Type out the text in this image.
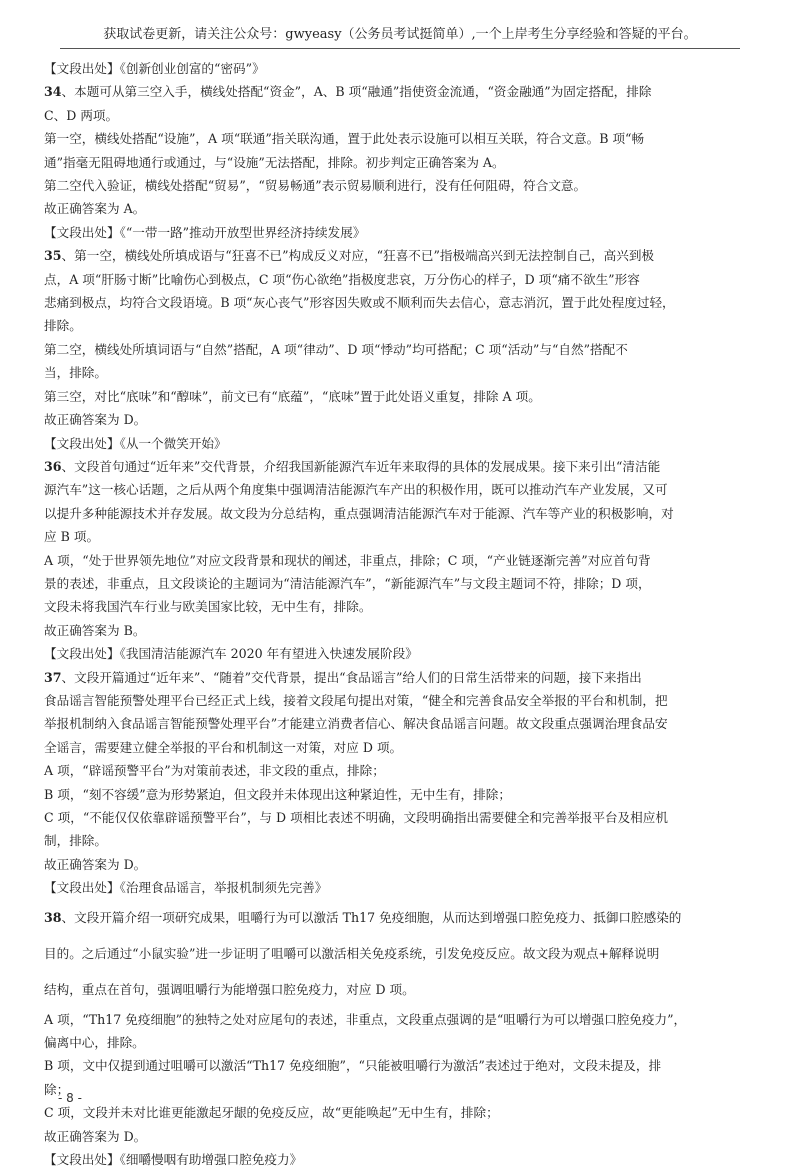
获取试卷更新，请关注公众号：gwyeasy（公务员考试挺简单）,一个上岸考生分享经验和答疑的平台。

【文段出处】《创新创业创富的“密码”》

34、本题可从第三空入手，横线处搭配“资金”，A、B 项“融通”指使资金流通，“资金融通”为固定搭配，排除

C、D 两项。

第一空，横线处搭配“设施”，A 项“联通”指关联沟通，置于此处表示设施可以相互关联，符合文意。B 项“畅

通”指毫无阻碍地通行或通过，与“设施”无法搭配，排除。初步判定正确答案为 A。

第二空代入验证，横线处搭配“贸易”，“贸易畅通”表示贸易顺利进行，没有任何阻碍，符合文意。

故正确答案为 A。

【文段出处】《“一带一路”推动开放型世界经济持续发展》

35、第一空，横线处所填成语与“狂喜不已”构成反义对应，“狂喜不已”指极端高兴到无法控制自己，高兴到极

点，A 项“肝肠寸断”比喻伤心到极点，C 项“伤心欲绝”指极度悲哀，万分伤心的样子，D 项“痛不欲生”形容

悲痛到极点，均符合文段语境。B 项“灰心丧气”形容因失败或不顺利而失去信心，意志消沉，置于此处程度过轻，

排除。

第二空，横线处所填词语与“自然”搭配，A 项“律动”、D 项“悸动”均可搭配；C 项“活动”与“自然”搭配不

当，排除。

第三空，对比“底味”和“醇味”，前文已有“底蕴”，“底味”置于此处语义重复，排除 A 项。

故正确答案为 D。

【文段出处】《从一个微笑开始》

36、文段首句通过“近年来”交代背景，介绍我国新能源汽车近年来取得的具体的发展成果。接下来引出“清洁能

源汽车”这一核心话题，之后从两个角度集中强调清洁能源汽车产出的积极作用，既可以推动汽车产业发展，又可

以提升多种能源技术并存发展。故文段为分总结构，重点强调清洁能源汽车对于能源、汽车等产业的积极影响，对

应 B 项。

A 项，“处于世界领先地位”对应文段背景和现状的阐述，非重点，排除；C 项，“产业链逐渐完善”对应首句背

景的表述，非重点，且文段谈论的主题词为“清洁能源汽车”，“新能源汽车”与文段主题词不符，排除；D 项，

文段未将我国汽车行业与欧美国家比较，无中生有，排除。

故正确答案为 B。

【文段出处】《我国清洁能源汽车 2020 年有望进入快速发展阶段》

37、文段开篇通过“近年来”、“随着”交代背景，提出“食品谣言”给人们的日常生活带来的问题，接下来指出

食品谣言智能预警处理平台已经正式上线，接着文段尾句提出对策，“健全和完善食品安全举报的平台和机制，把

举报机制纳入食品谣言智能预警处理平台”才能建立消费者信心、解决食品谣言问题。故文段重点强调治理食品安

全谣言，需要建立健全举报的平台和机制这一对策，对应 D 项。

A 项，“辟谣预警平台”为对策前表述，非文段的重点，排除；

B 项，“刻不容缓”意为形势紧迫，但文段并未体现出这种紧迫性，无中生有，排除；

C 项，“不能仅仅依靠辟谣预警平台”，与 D 项相比表述不明确，文段明确指出需要健全和完善举报平台及相应机

制，排除。

故正确答案为 D。

【文段出处】《治理食品谣言，举报机制须先完善》

38、文段开篇介绍一项研究成果，咀嚼行为可以激活 Th17 免疫细胞，从而达到增强口腔免疫力、抵御口腔感染的

目的。之后通过“小鼠实验”进一步证明了咀嚼可以激活相关免疫系统，引发免疫反应。故文段为观点+解释说明

结构，重点在首句，强调咀嚼行为能增强口腔免疫力，对应 D 项。

A 项，“Th17 免疫细胞”的独特之处对应尾句的表述，非重点，文段重点强调的是“咀嚼行为可以增强口腔免疫力”，

偏离中心，排除。

B 项，文中仅提到通过咀嚼可以激活“Th17 免疫细胞”，“只能被咀嚼行为激活”表述过于绝对，文段未提及，排

除；

C 项，文段并未对比谁更能激起牙龈的免疫反应，故“更能唤起”无中生有，排除；

故正确答案为 D。

【文段出处】《细嚼慢咽有助增强口腔免疫力》

- 8 -
